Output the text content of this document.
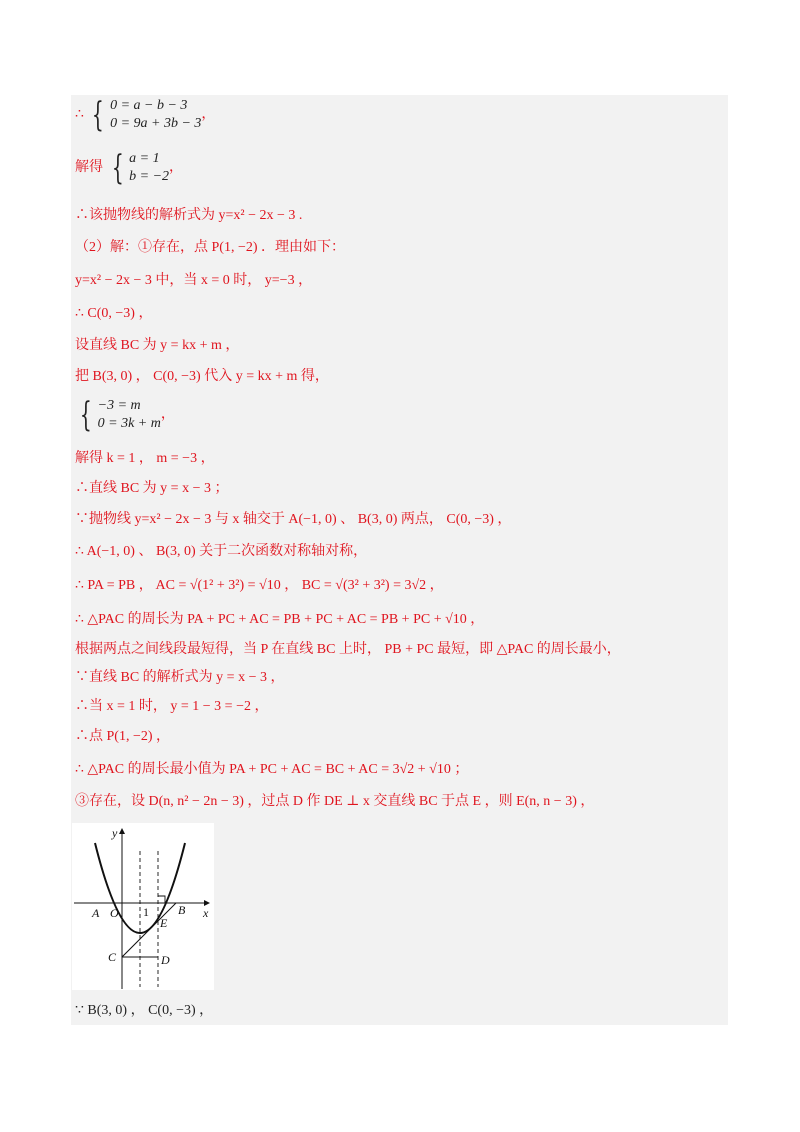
∴ { 0 = a − b − 3
0 = 9a + 3b − 3
，
解得 { a = 1
b = −2
，
∴该抛物线的解析式为 y=x² − 2x − 3 .
（2）解：①存在，点 P(1, −2) ．理由如下：
y=x² − 2x − 3 中，当 x = 0 时， y=−3 ，
∴ C(0, −3) ，
设直线 BC 为 y = kx + m ，
把 B(3, 0) ， C(0, −3) 代入 y = kx + m 得，
{ −3 = m
0 = 3k + m
，
解得 k = 1 ， m = −3 ，
∴直线 BC 为 y = x − 3 ；
∵抛物线 y=x² − 2x − 3 与 x 轴交于 A(−1, 0) 、 B(3, 0) 两点， C(0, −3) ，
∴ A(−1, 0) 、 B(3, 0) 关于二次函数对称轴对称，
∴ PA = PB ， AC = √(1² + 3²) = √10 ， BC = √(3² + 3²) = 3√2 ，
∴ △PAC 的周长为 PA + PC + AC = PB + PC + AC = PB + PC + √10 ，
根据两点之间线段最短得，当 P 在直线 BC 上时， PB + PC 最短，即 △PAC 的周长最小，
∵直线 BC 的解析式为 y = x − 3 ，
∴当 x = 1 时， y = 1 − 3 = −2 ，
∴点 P(1, −2) ，
∴ △PAC 的周长最小值为 PA + PC + AC = BC + AC = 3√2 + √10 ；
③存在，设 D(n, n² − 2n − 3) ，过点 D 作 DE ⊥ x 交直线 BC 于点 E ，则 E(n, n − 3) ，
y
x
A O 1 B
E
C	D
∵ B(3, 0) ， C(0, −3) ，
